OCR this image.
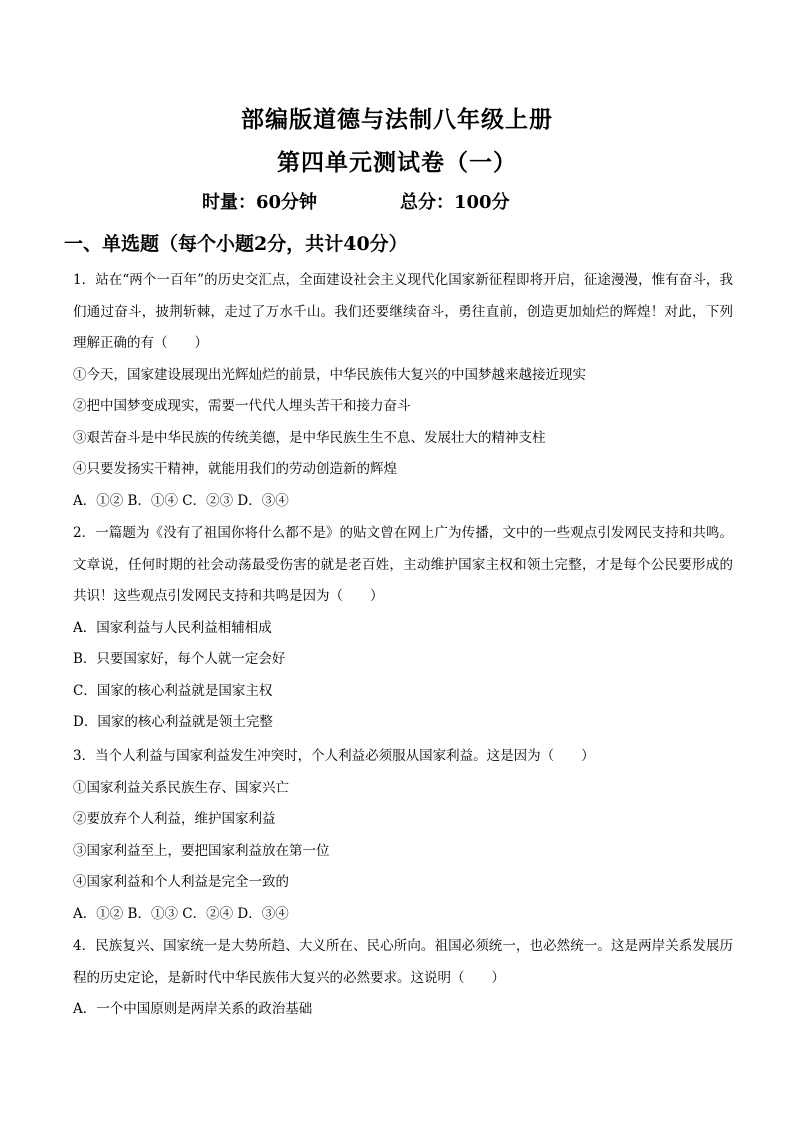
部编版道德与法制八年级上册
第四单元测试卷（一）
时量：60分钟	总分：100分
一、单选题（每个小题2分，共计40分）
1．站在“两个一百年”的历史交汇点，全面建设社会主义现代化国家新征程即将开启，征途漫漫，惟有奋斗，我们通过奋斗，披荆斩棘，走过了万水千山。我们还要继续奋斗，勇往直前，创造更加灿烂的辉煌！对此，下列理解正确的有（　　）
①今天，国家建设展现出光辉灿烂的前景，中华民族伟大复兴的中国梦越来越接近现实
②把中国梦变成现实，需要一代代人埋头苦干和接力奋斗
③艰苦奋斗是中华民族的传统美德，是中华民族生生不息、发展壮大的精神支柱
④只要发扬实干精神，就能用我们的劳动创造新的辉煌
A．①② B．①④ C．②③ D．③④
2．一篇题为《没有了祖国你将什么都不是》的贴文曾在网上广为传播，文中的一些观点引发网民支持和共鸣。文章说，任何时期的社会动荡最受伤害的就是老百姓，主动维护国家主权和领土完整，才是每个公民要形成的共识！这些观点引发网民支持和共鸣是因为（　　）
A．国家利益与人民利益相辅相成
B．只要国家好，每个人就一定会好
C．国家的核心利益就是国家主权
D．国家的核心利益就是领土完整
3．当个人利益与国家利益发生冲突时，个人利益必须服从国家利益。这是因为（　　）
①国家利益关系民族生存、国家兴亡
②要放弃个人利益，维护国家利益
③国家利益至上，要把国家利益放在第一位
④国家利益和个人利益是完全一致的
A．①② B．①③ C．②④ D．③④
4．民族复兴、国家统一是大势所趋、大义所在、民心所向。祖国必须统一，也必然统一。这是两岸关系发展历程的历史定论，是新时代中华民族伟大复兴的必然要求。这说明（　　）
A．一个中国原则是两岸关系的政治基础
